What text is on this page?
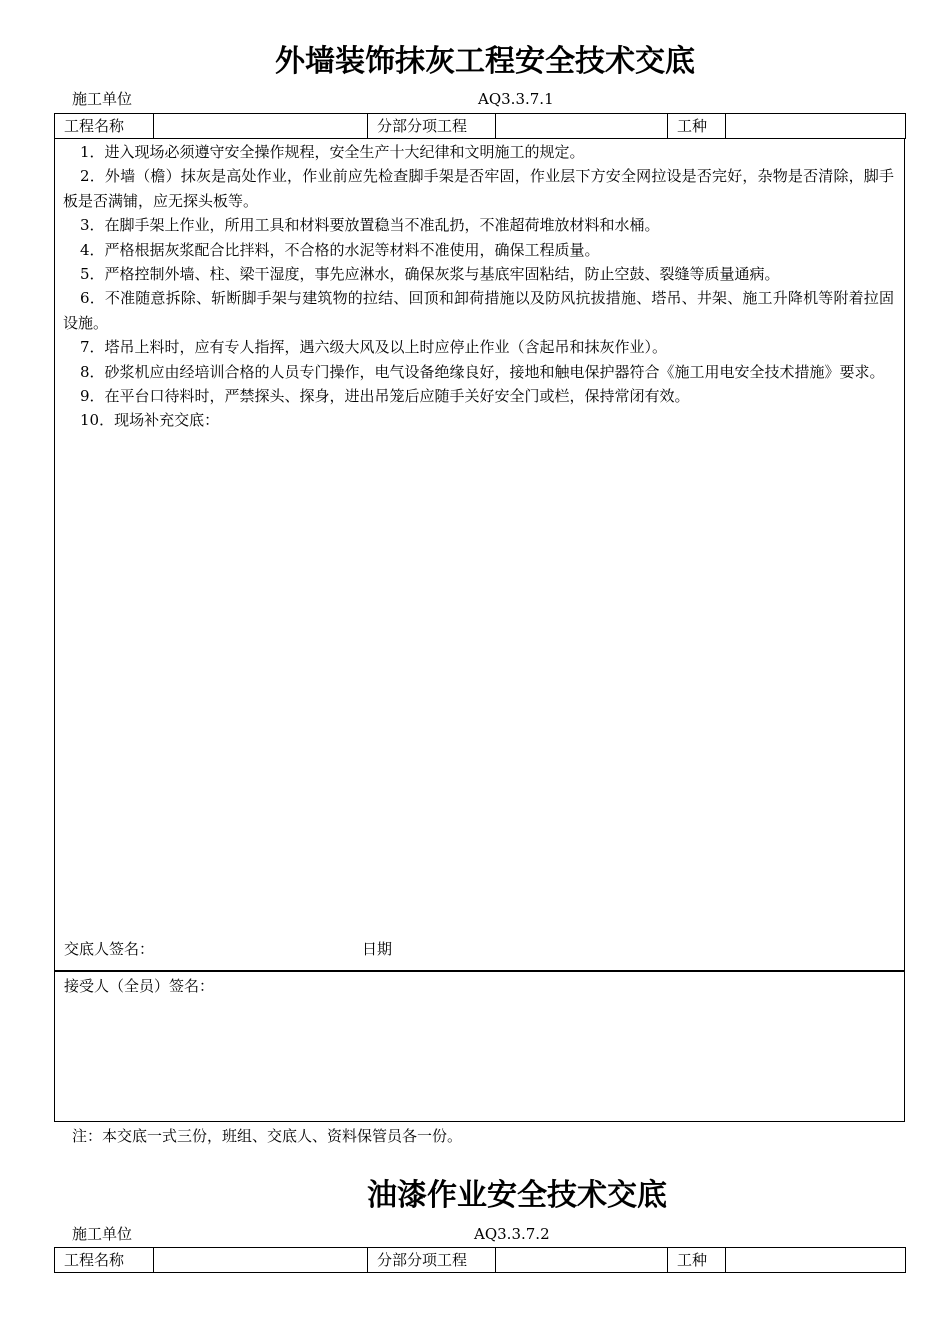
外墙装饰抹灰工程安全技术交底
施工单位	AQ3.3.7.1
工程名称		分部分项工程		工种	

1．进入现场必须遵守安全操作规程，安全生产十大纪律和文明施工的规定。

2．外墙（檐）抹灰是高处作业，作业前应先检查脚手架是否牢固，作业层下方安全网拉设是否完好，杂物是否清除，脚手板是否满铺，应无探头板等。

3．在脚手架上作业，所用工具和材料要放置稳当不准乱扔，不准超荷堆放材料和水桶。

4．严格根据灰浆配合比拌料，不合格的水泥等材料不准使用，确保工程质量。

5．严格控制外墙、柱、梁干湿度，事先应淋水，确保灰浆与基底牢固粘结，防止空鼓、裂缝等质量通病。

6．不准随意拆除、斩断脚手架与建筑物的拉结、回顶和卸荷措施以及防风抗拔措施、塔吊、井架、施工升降机等附着拉固设施。

7．塔吊上料时，应有专人指挥，遇六级大风及以上时应停止作业（含起吊和抹灰作业）。

8．砂浆机应由经培训合格的人员专门操作，电气设备绝缘良好，接地和触电保护器符合《施工用电安全技术措施》要求。

9．在平台口待料时，严禁探头、探身，进出吊笼后应随手关好安全门或栏，保持常闭有效。

10．现场补充交底：

交底人签名：	日期
接受人（全员）签名：
注：本交底一式三份，班组、交底人、资料保管员各一份。
油漆作业安全技术交底
施工单位	AQ3.3.7.2
工程名称		分部分项工程		工种	
